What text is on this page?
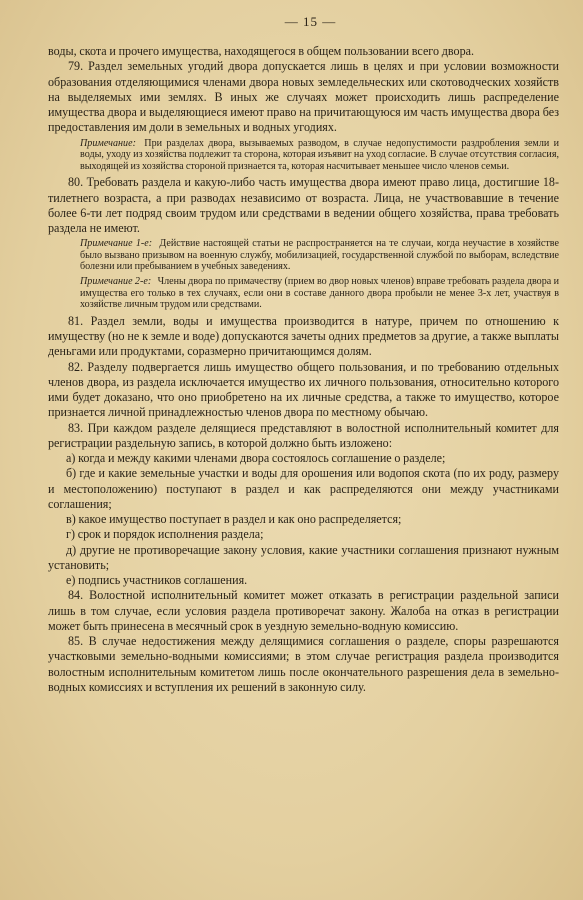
— 15 —

воды, скота и прочего имущества, находящегося в общем пользовании всего двора.

79. Раздел земельных угодий двора допускается лишь в целях и при условии возможности образования отделяющимися членами двора новых земледельческих или скотоводческих хозяйств на выделяемых ими землях. В иных же случаях может происходить лишь распределение имущества двора и выделяющиеся имеют право на причитающуюся им часть имущества двора без предоставления им доли в земельных и водных угодиях.

Примечание: При разделах двора, вызываемых разводом, в случае недопустимости раздробления земли и воды, уходу из хозяйства подлежит та сторона, которая изъявит на уход согласие. В случае отсутствия согласия, выходящей из хозяйства стороной признается та, которая насчитывает меньшее число членов семьи.

80. Требовать раздела и какую-либо часть имущества двора имеют право лица, достигшие 18-тилетнего возраста, а при разводах независимо от возраста. Лица, не участвовавшие в течение более 6-ти лет подряд своим трудом или средствами в ведении общего хозяйства, права требовать раздела не имеют.

Примечание 1-е: Действие настоящей статьи не распространяется на те случаи, когда неучастие в хозяйстве было вызвано призывом на военную службу, мобилизацией, государственной службой по выборам, вследствие болезни или пребыванием в учебных заведениях.
Примечание 2-е: Члены двора по примачеству (прием во двор новых членов) вправе требовать раздела двора и имущества его только в тех случаях, если они в составе данного двора пробыли не менее 3-х лет, участвуя в хозяйстве личным трудом или средствами.

81. Раздел земли, воды и имущества производится в натуре, причем по отношению к имуществу (но не к земле и воде) допускаются зачеты одних предметов за другие, а также выплаты деньгами или продуктами, соразмерно причитающимся долям.

82. Разделу подвергается лишь имущество общего пользования, и по требованию отдельных членов двора, из раздела исключается имущество их личного пользования, относительно которого ими будет доказано, что оно приобретено на их личные средства, а также то имущество, которое признается личной принадлежностью членов двора по местному обычаю.

83. При каждом разделе делящиеся представляют в волостной исполнительный комитет для регистрации раздельную запись, в которой должно быть изложено:

а) когда и между какими членами двора состоялось соглашение о разделе;

б) где и какие земельные участки и воды для орошения или водопоя скота (по их роду, размеру и местоположению) поступают в раздел и как распределяются они между участниками соглашения;

в) какое имущество поступает в раздел и как оно распределяется;

г) срок и порядок исполнения раздела;

д) другие не противоречащие закону условия, какие участники соглашения признают нужным установить;

е) подпись участников соглашения.

84. Волостной исполнительный комитет может отказать в регистрации раздельной записи лишь в том случае, если условия раздела противоречат закону. Жалоба на отказ в регистрации может быть принесена в месячный срок в уездную земельно-водную комиссию.

85. В случае недостижения между делящимися соглашения о разделе, споры разрешаются участковыми земельно-водными комиссиями; в этом случае регистрация раздела производится волостным исполнительным комитетом лишь после окончательного разрешения дела в земельно-водных комиссиях и вступления их решений в законную силу.
